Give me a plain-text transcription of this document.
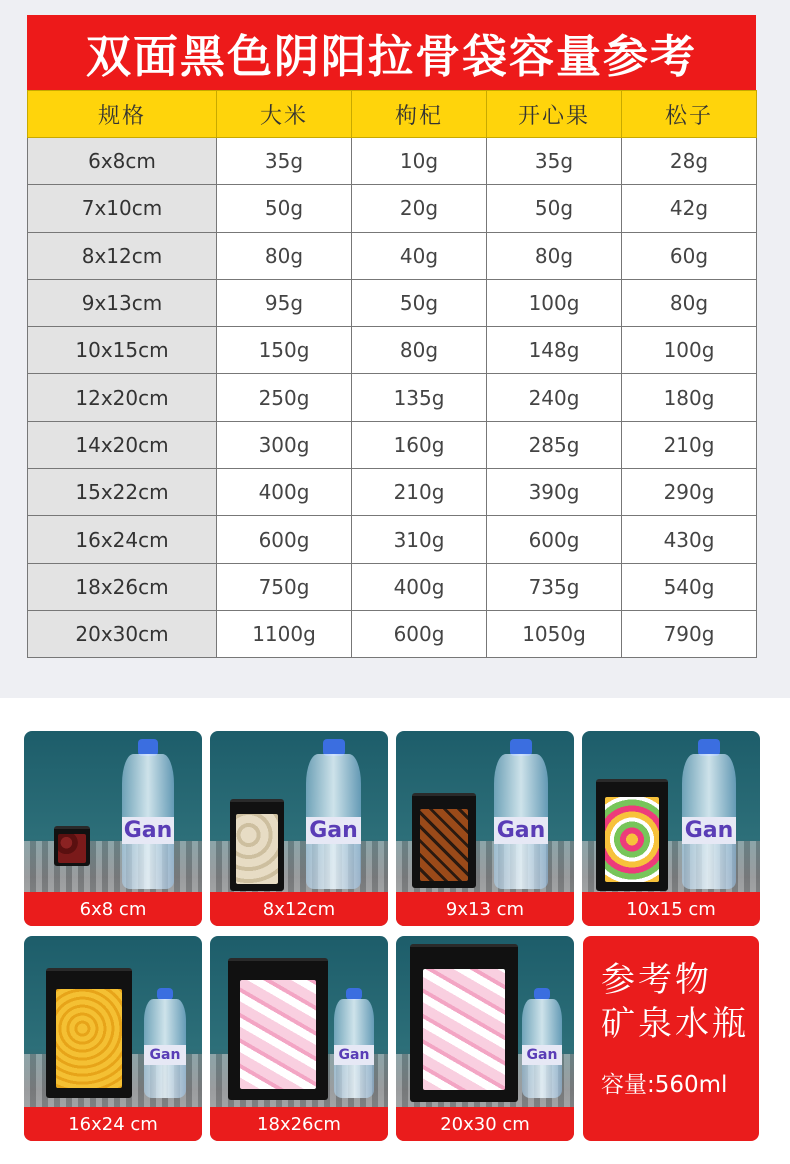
双面黑色阴阳拉骨袋容量参考
规格	大米	枸杞	开心果	松子
6x8cm	35g	10g	35g	28g
7x10cm	50g	20g	50g	42g
8x12cm	80g	40g	80g	60g
9x13cm	95g	50g	100g	80g
10x15cm	150g	80g	148g	100g
12x20cm	250g	135g	240g	180g
14x20cm	300g	160g	285g	210g
15x22cm	400g	210g	390g	290g
16x24cm	600g	310g	600g	430g
18x26cm	750g	400g	735g	540g
20x30cm	1100g	600g	1050g	790g
Gan
6x8 cm
Gan
8x12cm
Gan
9x13 cm
Gan
10x15 cm
Gan
16x24 cm
Gan
18x26cm
Gan
20x30 cm
参考物
矿泉水瓶
容量:560ml
